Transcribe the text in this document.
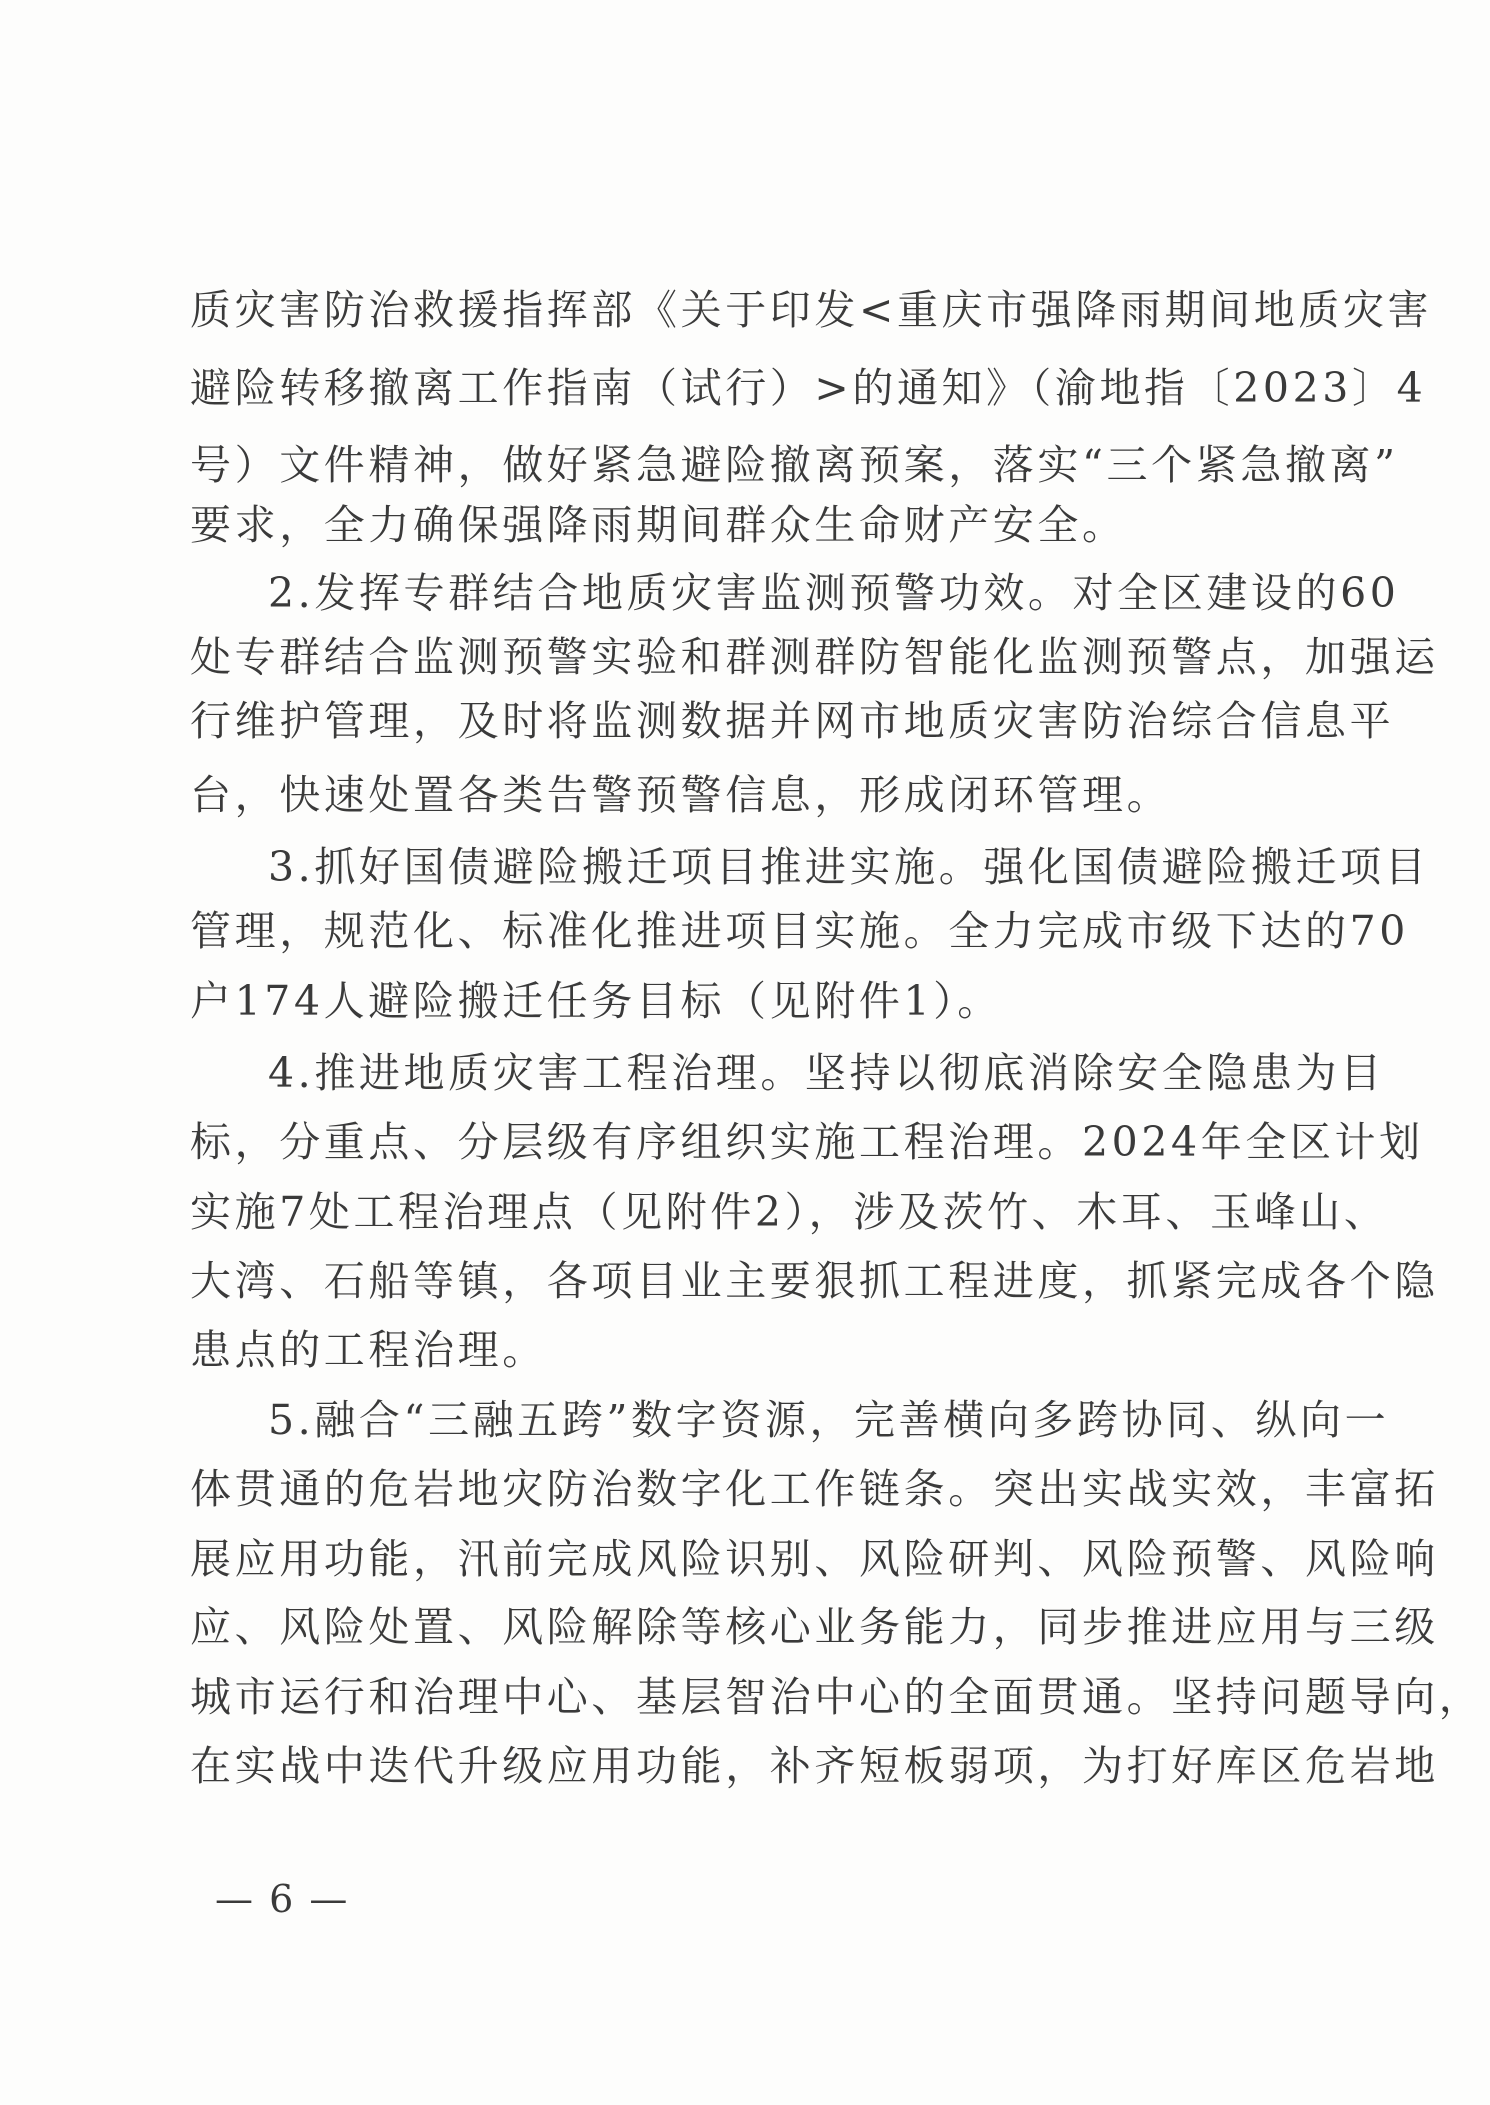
质灾害防治救援指挥部《关于印发<重庆市强降雨期间地质灾害
避险转移撤离工作指南（试行）>的通知》（渝地指〔2023〕4
号）文件精神，做好紧急避险撤离预案，落实“三个紧急撤离”
要求，全力确保强降雨期间群众生命财产安全。
2.发挥专群结合地质灾害监测预警功效。对全区建设的60
处专群结合监测预警实验和群测群防智能化监测预警点，加强运
行维护管理，及时将监测数据并网市地质灾害防治综合信息平
台，快速处置各类告警预警信息，形成闭环管理。
3.抓好国债避险搬迁项目推进实施。强化国债避险搬迁项目
管理，规范化、标准化推进项目实施。全力完成市级下达的70
户174人避险搬迁任务目标（见附件1）。
4.推进地质灾害工程治理。坚持以彻底消除安全隐患为目
标，分重点、分层级有序组织实施工程治理。2024年全区计划
实施7处工程治理点（见附件2），涉及茨竹、木耳、玉峰山、
大湾、石船等镇，各项目业主要狠抓工程进度，抓紧完成各个隐
患点的工程治理。
5.融合“三融五跨”数字资源，完善横向多跨协同、纵向一
体贯通的危岩地灾防治数字化工作链条。突出实战实效，丰富拓
展应用功能，汛前完成风险识别、风险研判、风险预警、风险响
应、风险处置、风险解除等核心业务能力，同步推进应用与三级
城市运行和治理中心、基层智治中心的全面贯通。坚持问题导向，
在实战中迭代升级应用功能，补齐短板弱项，为打好库区危岩地
— 6 —
